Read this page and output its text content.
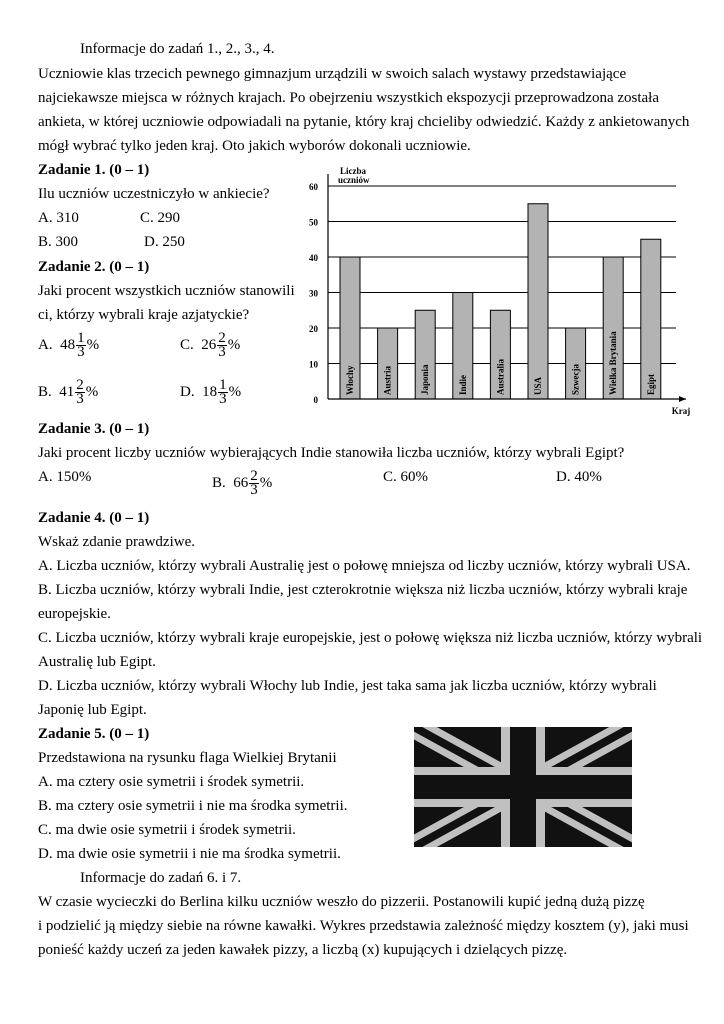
Informacje do zadań 1., 2., 3., 4.
Uczniowie klas trzecich pewnego gimnazjum urządzili w swoich salach wystawy przedstawiające
najciekawsze miejsca w różnych krajach. Po obejrzeniu wszystkich ekspozycji przeprowadzona została
ankieta, w której uczniowie odpowiadali na pytanie, który kraj chcieliby odwiedzić. Każdy z ankietowanych
mógł wybrać tylko jeden kraj. Oto jakich wyborów dokonali uczniowie.
Zadanie 1. (0 – 1)
Ilu uczniów uczestniczyło w ankiecie?
A. 310	C. 290
B. 300	D. 250
Zadanie 2. (0 – 1)
Jaki procent wszystkich uczniów stanowili
ci, którzy wybrali kraje azjatyckie?
A. $48 \frac{1}{3}$ %	C. $26 \frac{2}{3}$ %
B. $41 \frac{2}{3}$ %	D. $18 \frac{1}{3}$ %
0
10
20
30
40
50
60
Liczba
uczniów
Kraj
Włochy	Austria	Japonia	Indie	Australia	USA	Szwecja	Wielka Brytania	Egipt
Zadanie 3. (0 – 1)
Jaki procent liczby uczniów wybierających Indie stanowiła liczba uczniów, którzy wybrali Egipt?
A. 150%	B. $66 \frac{2}{3}$ %	C. 60%	D. 40%
Zadanie 4. (0 – 1)
Wskaż zdanie prawdziwe.
A. Liczba uczniów, którzy wybrali Australię jest o połowę mniejsza od liczby uczniów, którzy wybrali USA.
B. Liczba uczniów, którzy wybrali Indie, jest czterokrotnie większa niż liczba uczniów, którzy wybrali kraje
europejskie.
C. Liczba uczniów, którzy wybrali kraje europejskie, jest o połowę większa niż liczba uczniów, którzy wybrali
Australię lub Egipt.
D. Liczba uczniów, którzy wybrali Włochy lub Indie, jest taka sama jak liczba uczniów, którzy wybrali
Japonię lub Egipt.
Zadanie 5. (0 – 1)
Przedstawiona na rysunku flaga Wielkiej Brytanii
A. ma cztery osie symetrii i środek symetrii.
B. ma cztery osie symetrii i nie ma środka symetrii.
C. ma dwie osie symetrii i środek symetrii.
D. ma dwie osie symetrii i nie ma środka symetrii.
Informacje do zadań 6. i 7.
W czasie wycieczki do Berlina kilku uczniów weszło do pizzerii. Postanowili kupić jedną dużą pizzę
i podzielić ją między siebie na równe kawałki. Wykres przedstawia zależność między kosztem (y), jaki musi
ponieść każdy uczeń za jeden kawałek pizzy, a liczbą (x) kupujących i dzielących pizzę.
